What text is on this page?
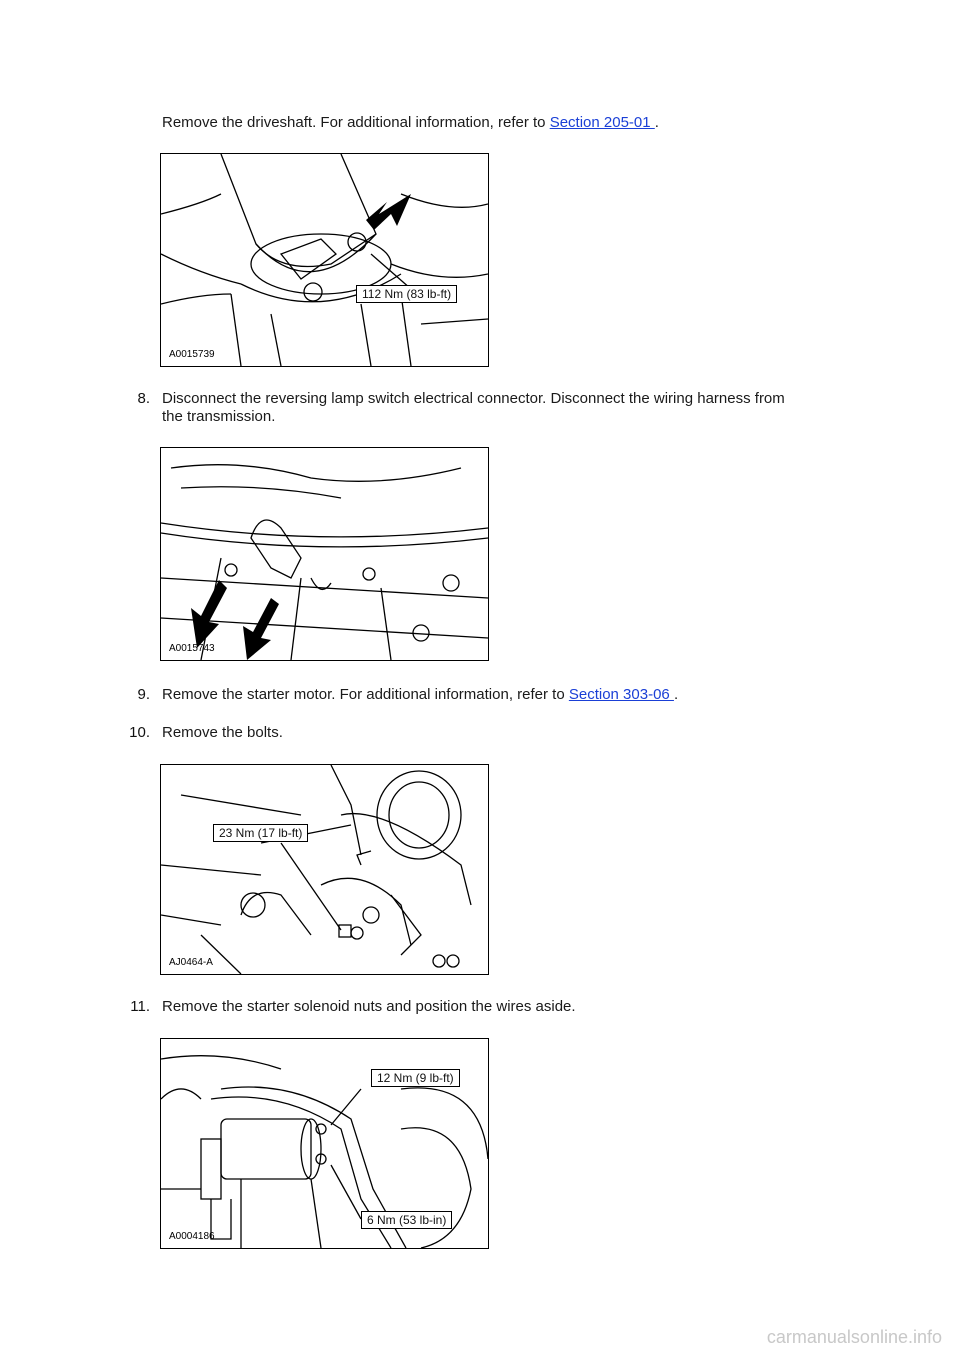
Remove the driveshaft. For additional information, refer to Section 205-01 .
112 Nm (83 lb-ft)
A0015739
8. Disconnect the reversing lamp switch electrical connector. Disconnect the wiring harness from
the transmission.
A0015743
9. Remove the starter motor. For additional information, refer to Section 303-06 .
10. Remove the bolts.
23 Nm (17 lb-ft)
AJ0464-A
11. Remove the starter solenoid nuts and position the wires aside.
12 Nm (9 lb-ft)
6 Nm (53 lb-in)
A0004186
carmanualsonline.info
